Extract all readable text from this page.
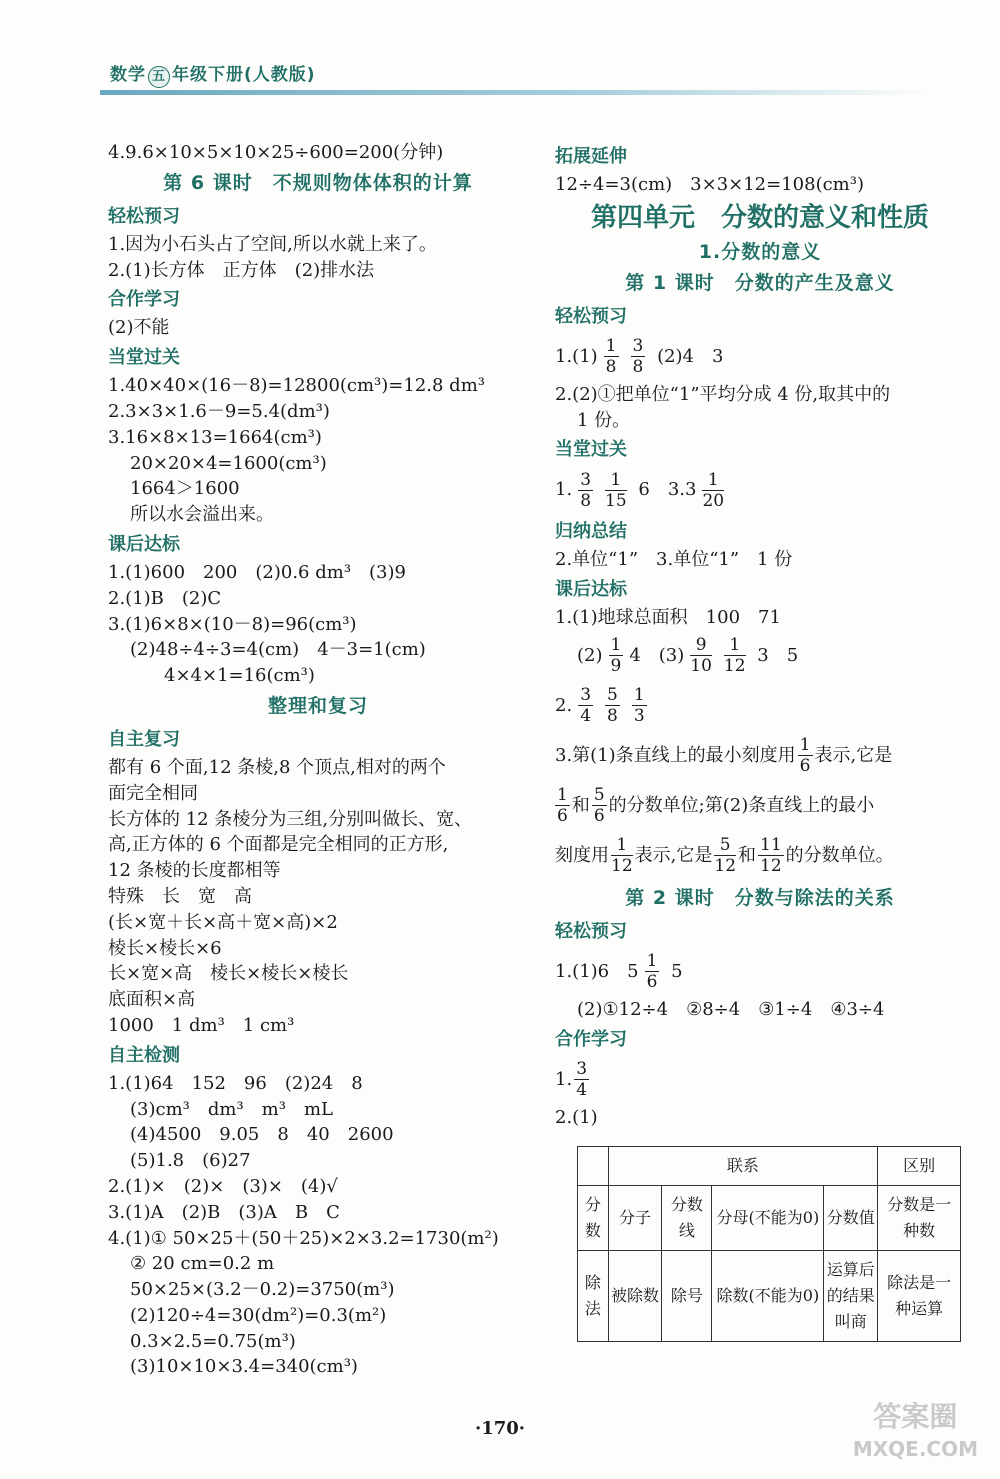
数学 五 年级下册(人教版)
4.9.6×10×5×10×25÷600=200(分钟)
第 6 课时　不规则物体体积的计算
轻松预习
1.因为小石头占了空间,所以水就上来了。
2.(1)长方体　正方体　(2)排水法
合作学习
(2)不能
当堂过关
1.40×40×(16－8)=12800(cm³)=12.8 dm³
2.3×3×1.6－9=5.4(dm³)
3.16×8×13=1664(cm³)
20×20×4=1600(cm³)
1664＞1600
所以水会溢出来。
课后达标
1.(1)600　200　(2)0.6 dm³　(3)9
2.(1)B　(2)C
3.(1)6×8×(10－8)=96(cm³)
(2)48÷4÷3=4(cm)　4－3=1(cm)
4×4×1=16(cm³)
整理和复习
自主复习
都有 6 个面,12 条棱,8 个顶点,相对的两个
面完全相同
长方体的 12 条棱分为三组,分别叫做长、宽、
高,正方体的 6 个面都是完全相同的正方形,
12 条棱的长度都相等
特殊　长　宽　高
(长×宽＋长×高＋宽×高)×2
棱长×棱长×6
长×宽×高　棱长×棱长×棱长
底面积×高
1000　1 dm³　1 cm³
自主检测
1.(1)64　152　96　(2)24　8
(3)cm³　dm³　m³　mL
(4)4500　9.05　8　40　2600
(5)1.8　(6)27
2.(1)×　(2)×　(3)×　(4)√
3.(1)A　(2)B　(3)A　B　C
4.(1)① 50×25＋(50＋25)×2×3.2=1730(m²)
② 20 cm=0.2 m
50×25×(3.2－0.2)=3750(m³)
(2)120÷4=30(dm²)=0.3(m²)
0.3×2.5=0.75(m³)
(3)10×10×3.4=340(cm³)
拓展延伸
12÷4=3(cm)　3×3×12=108(cm³)
第四单元　分数的意义和性质
1.分数的意义
第 1 课时　分数的产生及意义
轻松预习
$1.(1) \frac{1}{8} \frac{3}{8} (2)4$　3
2.(2)①把单位“1”平均分成 4 份,取其中的
1 份。
当堂过关
1. $\frac{3}{8} \frac{1}{15} 6$　$3.3 \frac{1}{20}$
归纳总结
2.单位“1”　3.单位“1”　1 份
课后达标
1.(1)地球总面积　100　71
$(2) \frac{1}{9} 4$　$(3) \frac{9}{10} \frac{1}{12} 3$　5
2. $\frac{3}{4} \frac{5}{8} \frac{1}{3}$
3.第(1)条直线上的最小刻度用 $\frac{1}{6}$ 表示,它是
$\frac{1}{6}$ 和 $\frac{5}{6}$ 的分数单位;第(2)条直线上的最小
刻度用 $\frac{1}{12}$ 表示,它是 $\frac{5}{12}$ 和 $\frac{11}{12}$ 的分数单位。
第 2 课时　分数与除法的关系
轻松预习
1.(1)6　$5 \frac{1}{6} 5$
(2)①12÷4　②8÷4　③1÷4　④3÷4
合作学习
1. $\frac{3}{4}$
2.(1)
	联系				区别
分数	分子	分数线	分母(不能为0)	分数值	分数是一种数
除法	被除数	除号	除数(不能为0)	运算后的结果叫商	除法是一种运算
·170·	答案圈
MXQE.COM
